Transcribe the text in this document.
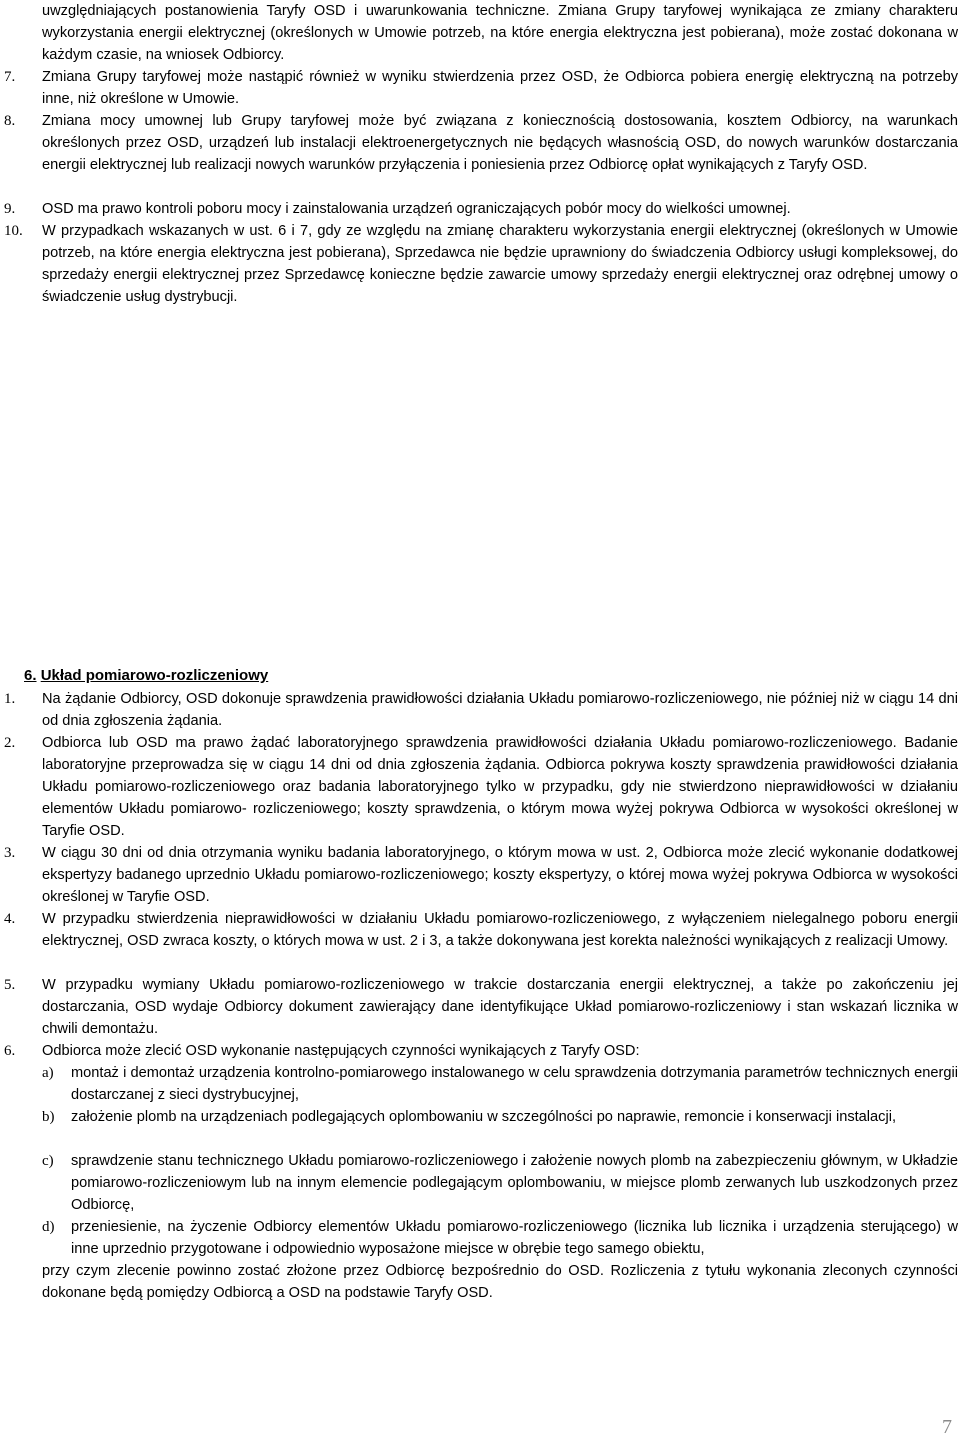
uwzględniających postanowienia Taryfy OSD i uwarunkowania techniczne. Zmiana Grupy taryfowej wynikająca ze zmiany charakteru wykorzystania energii elektrycznej (określonych w Umowie potrzeb, na które energia elektryczna jest pobierana), może zostać dokonana w każdym czasie, na wniosek Odbiorcy.

7.	Zmiana Grupy taryfowej może nastąpić również w wyniku stwierdzenia przez OSD, że Odbiorca pobiera energię elektryczną na potrzeby inne, niż określone w Umowie.
8.	Zmiana mocy umownej lub Grupy taryfowej może być związana z koniecznością dostosowania, kosztem Odbiorcy, na warunkach określonych przez OSD, urządzeń lub instalacji elektroenergetycznych nie będących własnością OSD, do nowych warunków dostarczania energii elektrycznej lub realizacji nowych warunków przyłączenia i poniesienia przez Odbiorcę opłat wynikających z Taryfy OSD.
9.	OSD ma prawo kontroli poboru mocy i zainstalowania urządzeń ograniczających pobór mocy do wielkości umownej.
10.	W przypadkach wskazanych w ust. 6 i 7, gdy ze względu na zmianę charakteru wykorzystania energii elektrycznej (określonych w Umowie potrzeb, na które energia elektryczna jest pobierana), Sprzedawca nie będzie uprawniony do świadczenia Odbiorcy usługi kompleksowej, do sprzedaży energii elektrycznej przez Sprzedawcę konieczne będzie zawarcie umowy sprzedaży energii elektrycznej oraz odrębnej umowy o świadczenie usług dystrybucji.

6. Układ pomiarowo-rozliczeniowy

1.	Na żądanie Odbiorcy, OSD dokonuje sprawdzenia prawidłowości działania Układu pomiarowo-rozliczeniowego, nie później niż w ciągu 14 dni od dnia zgłoszenia żądania.
2.	Odbiorca lub OSD ma prawo żądać laboratoryjnego sprawdzenia prawidłowości działania Układu pomiarowo-rozliczeniowego. Badanie laboratoryjne przeprowadza się w ciągu 14 dni od dnia zgłoszenia żądania. Odbiorca pokrywa koszty sprawdzenia prawidłowości działania Układu pomiarowo-rozliczeniowego oraz badania laboratoryjnego tylko w przypadku, gdy nie stwierdzono nieprawidłowości w działaniu elementów Układu pomiarowo- rozliczeniowego; koszty sprawdzenia, o którym mowa wyżej pokrywa Odbiorca w wysokości określonej w Taryfie OSD.
3.	W ciągu 30 dni od dnia otrzymania wyniku badania laboratoryjnego, o którym mowa w ust. 2, Odbiorca może zlecić wykonanie dodatkowej ekspertyzy badanego uprzednio Układu pomiarowo-rozliczeniowego; koszty ekspertyzy, o której mowa wyżej pokrywa Odbiorca w wysokości określonej w Taryfie OSD.
4.	W przypadku stwierdzenia nieprawidłowości w działaniu Układu pomiarowo-rozliczeniowego, z wyłączeniem nielegalnego poboru energii elektrycznej, OSD zwraca koszty, o których mowa w ust. 2 i 3, a także dokonywana jest korekta należności wynikających z realizacji Umowy.
5.	W przypadku wymiany Układu pomiarowo-rozliczeniowego w trakcie dostarczania energii elektrycznej, a także po zakończeniu jej dostarczania, OSD wydaje Odbiorcy dokument zawierający dane identyfikujące Układ pomiarowo-rozliczeniowy i stan wskazań licznika w chwili demontażu.
6.	Odbiorca może zlecić OSD wykonanie następujących czynności wynikających z Taryfy OSD:
a)	montaż i demontaż urządzenia kontrolno-pomiarowego instalowanego w celu sprawdzenia dotrzymania parametrów technicznych energii dostarczanej z sieci dystrybucyjnej,
b)	założenie plomb na urządzeniach podlegających oplombowaniu w szczególności po naprawie, remoncie i konserwacji instalacji,
c)	sprawdzenie stanu technicznego Układu pomiarowo-rozliczeniowego i założenie nowych plomb na zabezpieczeniu głównym, w Układzie pomiarowo-rozliczeniowym lub na innym elemencie podlegającym oplombowaniu, w miejsce plomb zerwanych lub uszkodzonych przez Odbiorcę,
d)	przeniesienie, na życzenie Odbiorcy elementów Układu pomiarowo-rozliczeniowego (licznika lub licznika i urządzenia sterującego) w inne uprzednio przygotowane i odpowiednio wyposażone miejsce w obrębie tego samego obiektu,

przy czym zlecenie powinno zostać złożone przez Odbiorcę bezpośrednio do OSD. Rozliczenia z tytułu wykonania zleconych czynności dokonane będą pomiędzy Odbiorcą a OSD na podstawie Taryfy OSD.

7
